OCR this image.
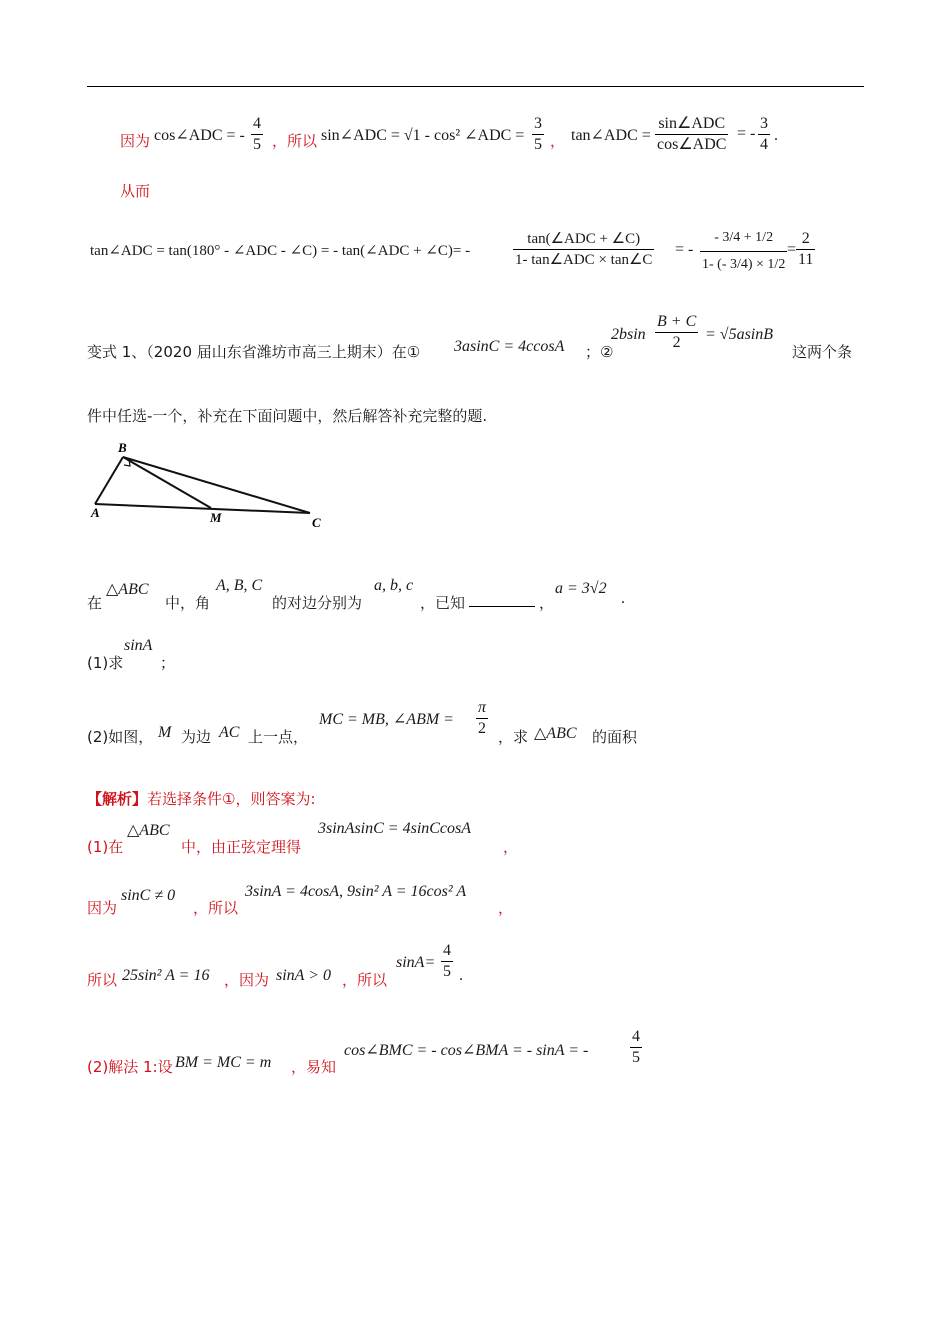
因为 cos∠ADC = - $\frac{4}{5}$ ，所以 sin∠ADC = √1 - cos² ∠ADC = $\frac{3}{5}$ ， tan∠ADC =
sin∠ADC
cos∠ADC
= - $\frac{3}{4}$ .
从而
tan∠ADC = tan(180° - ∠ADC - ∠C) = - tan(∠ADC + ∠C)= -
tan(∠ADC + ∠C)
1- tan∠ADC × tan∠C
= - $\frac{- 3/4 + 1/2}{1- (- 3/4) \times 1/2} = \frac{2}{11}$
变式 1、（2020 届山东省潍坊市高三上期末）在① 3asinC = 4ccosA ；②
$2bsin \frac{B + C}{2} = √5asinB$
这两个条
件中任选-一个，补充在下面问题中，然后解答补充完整的题.
B
A	M	C
在
△ABC
中，角
A, B, C
的对边分别为
a, b, c
，已知	，
a = 3√2
.
(1)求
sinA
；
(2)如图， M 为边 AC 上一点，
MC = MB, ∠ABM = $\frac{\pi}{2}$ ，求 △ABC 的面积
【解析】若选择条件①，则答案为:
(1)在
△ABC
中，由正弦定理得
3sinAsinC = 4sinCcosA
，
因为
sinC ≠ 0
，所以
3sinA = 4cosA, 9sin² A = 16cos² A
，
所以 25sin² A = 16 ，因为 sinA > 0 ，所以
$\sin A= \frac{4}{5}$ .
(2)解法 1:设 BM = MC = m ，易知
cos∠BMC = - cos∠BMA = - sinA = -	$\frac{4}{5}$
